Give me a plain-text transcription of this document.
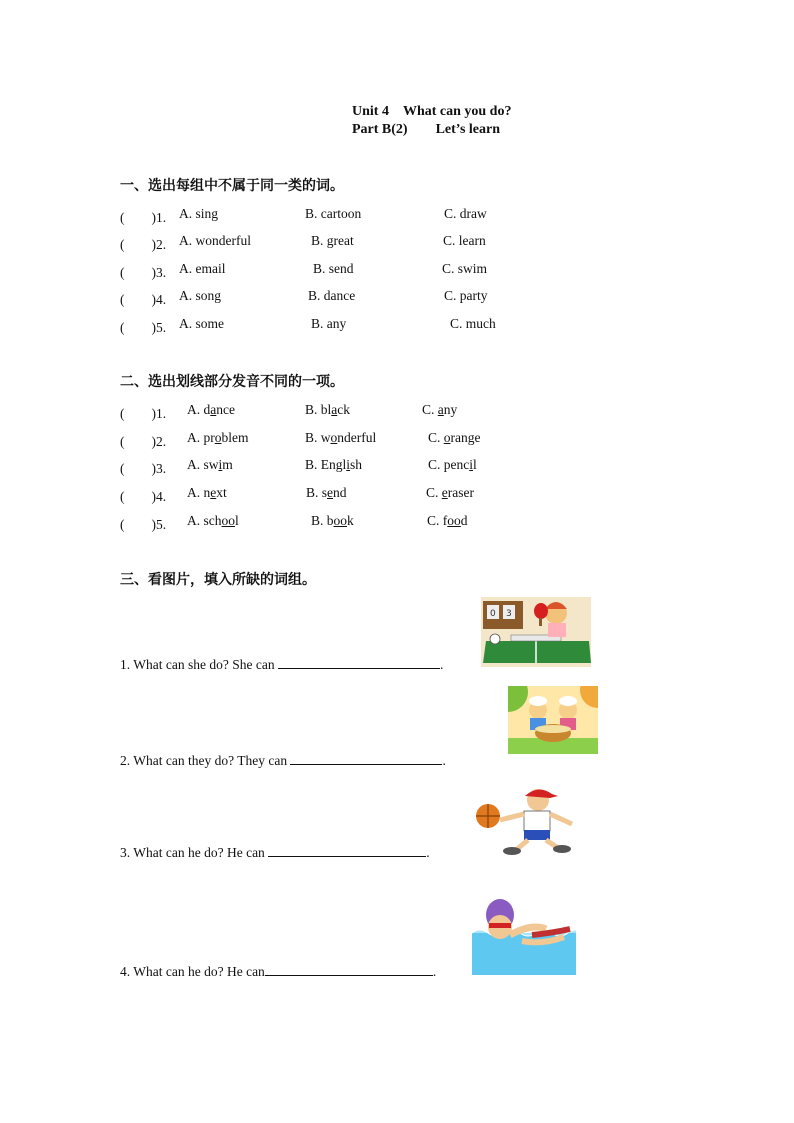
Unit 4　What can you do?
Part B(2)　　Let’s learn
一、选出每组中不属于同一类的词。
(　　)1. A. sing	B. cartoon	C. draw
(　　)2. A. wonderful	B. great	C. learn
(　　)3. A. email	B. send	C. swim
(　　)4. A. song	B. dance	C. party
(　　)5. A. some	B. any	C. much
二、选出划线部分发音不同的一项。
(　　)1. A. dance	B. black	C. any
(　　)2. A. problem	B. wonderful	C. orange
(　　)3. A. swim	B. English	C. pencil
(　　)4. A. next	B. send	C. eraser
(　　)5. A. school	B. book	C. food
三、看图片，填入所缺的词组。
0 3
1. What can she do? She can	.
2. What can they do? They can	.
3. What can he do? He can	.
4. What can he do? He can	.
